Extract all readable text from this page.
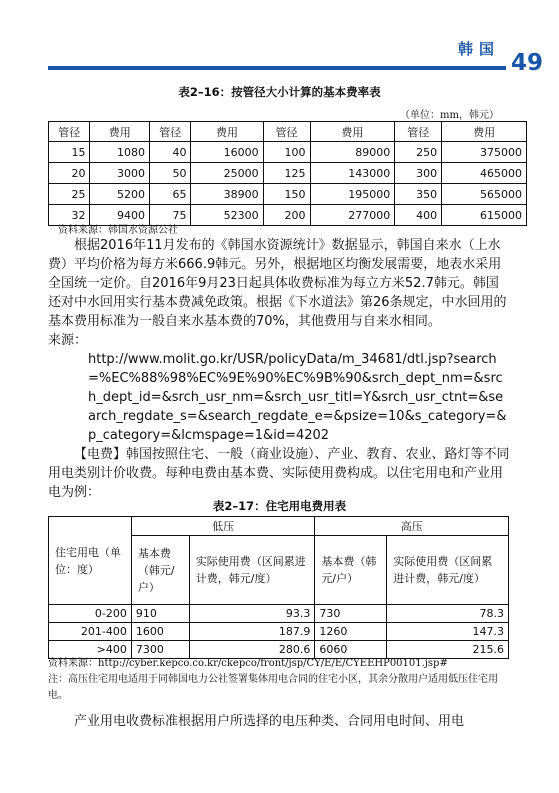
韩国
49
表2–16：按管径大小计算的基本费率表
（单位：mm，韩元）
管径	费用	管径	费用	管径	费用	管径	费用
15	1080	40	16000	100	89000	250	375000
20	3000	50	25000	125	143000	300	465000
25	5200	65	38900	150	195000	350	565000
32	9400	75	52300	200	277000	400	615000
资料来源：韩国水资源公社

根据2016年11月发布的《韩国水资源统计》数据显示，韩国自来水（上水费）平均价格为每方米666.9韩元。另外，根据地区均衡发展需要，地表水采用全国统一定价。自2016年9月23日起具体收费标准为每立方米52.7韩元。韩国还对中水回用实行基本费减免政策。根据《下水道法》第26条规定，中水回用的基本费用标准为一般自来水基本费的70%，其他费用与自来水相同。

来源：

http://www.molit.go.kr/USR/policyData/m_34681/dtl.jsp?search=%EC%88%98%EC%9E%90%EC%9B%90&srch_dept_nm=&srch_dept_id=&srch_usr_nm=&srch_usr_titl=Y&srch_usr_ctnt=&search_regdate_s=&search_regdate_e=&psize=10&s_category=&p_category=&lcmspage=1&id=4202

【电费】韩国按照住宅、一般（商业设施）、产业、教育、农业、路灯等不同用电类别计价收费。每种电费由基本费、实际使用费构成。以住宅用电和产业用电为例：

表2–17：住宅用电费用表
住宅用电（单位：度）	低压		高压	
	基本费（韩元/户）	实际使用费（区间累进计费，韩元/度）	基本费（韩元/户）	实际使用费（区间累进计费，韩元/度）
0-200	910	93.3	730	78.3
201-400	1600	187.9	1260	147.3
>400	7300	280.6	6060	215.6
资料来源：http://cyber.kepco.co.kr/ckepco/front/jsp/CY/E/E/CYEEHP00101.jsp#
注：高压住宅用电适用于同韩国电力公社签署集体用电合同的住宅小区，其余分散用户适用低压住宅用电。

产业用电收费标准根据用户所选择的电压种类、合同用电时间、用电
